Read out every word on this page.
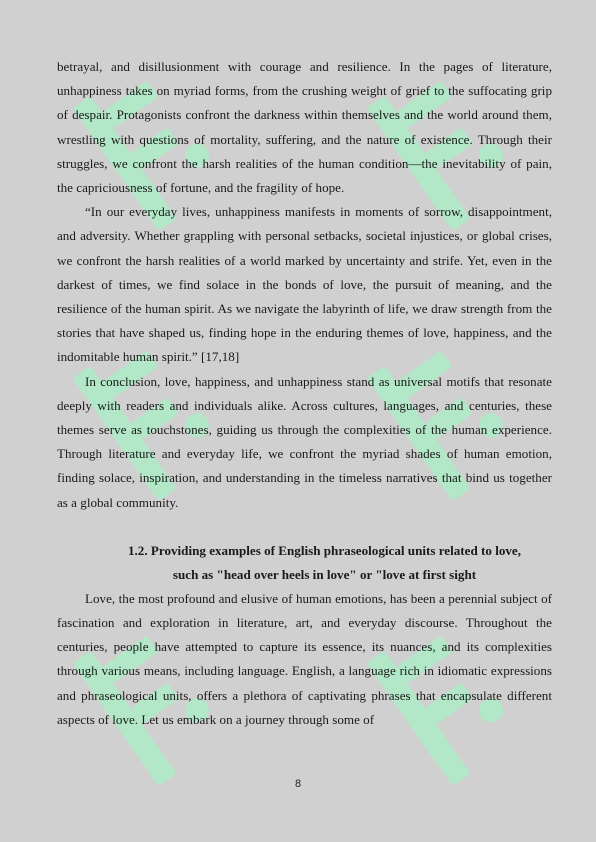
betrayal, and disillusionment with courage and resilience. In the pages of literature, unhappiness takes on myriad forms, from the crushing weight of grief to the suffocating grip of despair. Protagonists confront the darkness within themselves and the world around them, wrestling with questions of mortality, suffering, and the nature of existence. Through their struggles, we confront the harsh realities of the human condition—the inevitability of pain, the capriciousness of fortune, and the fragility of hope.

“In our everyday lives, unhappiness manifests in moments of sorrow, disappointment, and adversity. Whether grappling with personal setbacks, societal injustices, or global crises, we confront the harsh realities of a world marked by uncertainty and strife. Yet, even in the darkest of times, we find solace in the bonds of love, the pursuit of meaning, and the resilience of the human spirit. As we navigate the labyrinth of life, we draw strength from the stories that have shaped us, finding hope in the enduring themes of love, happiness, and the indomitable human spirit.” [17,18]

In conclusion, love, happiness, and unhappiness stand as universal motifs that resonate deeply with readers and individuals alike. Across cultures, languages, and centuries, these themes serve as touchstones, guiding us through the complexities of the human experience. Through literature and everyday life, we confront the myriad shades of human emotion, finding solace, inspiration, and understanding in the timeless narratives that bind us together as a global community.

1.2. Providing examples of English phraseological units related to love,

such as "head over heels in love" or "love at first sight

Love, the most profound and elusive of human emotions, has been a perennial subject of fascination and exploration in literature, art, and everyday discourse. Throughout the centuries, people have attempted to capture its essence, its nuances, and its complexities through various means, including language. English, a language rich in idiomatic expressions and phraseological units, offers a plethora of captivating phrases that encapsulate different aspects of love. Let us embark on a journey through some of

8
